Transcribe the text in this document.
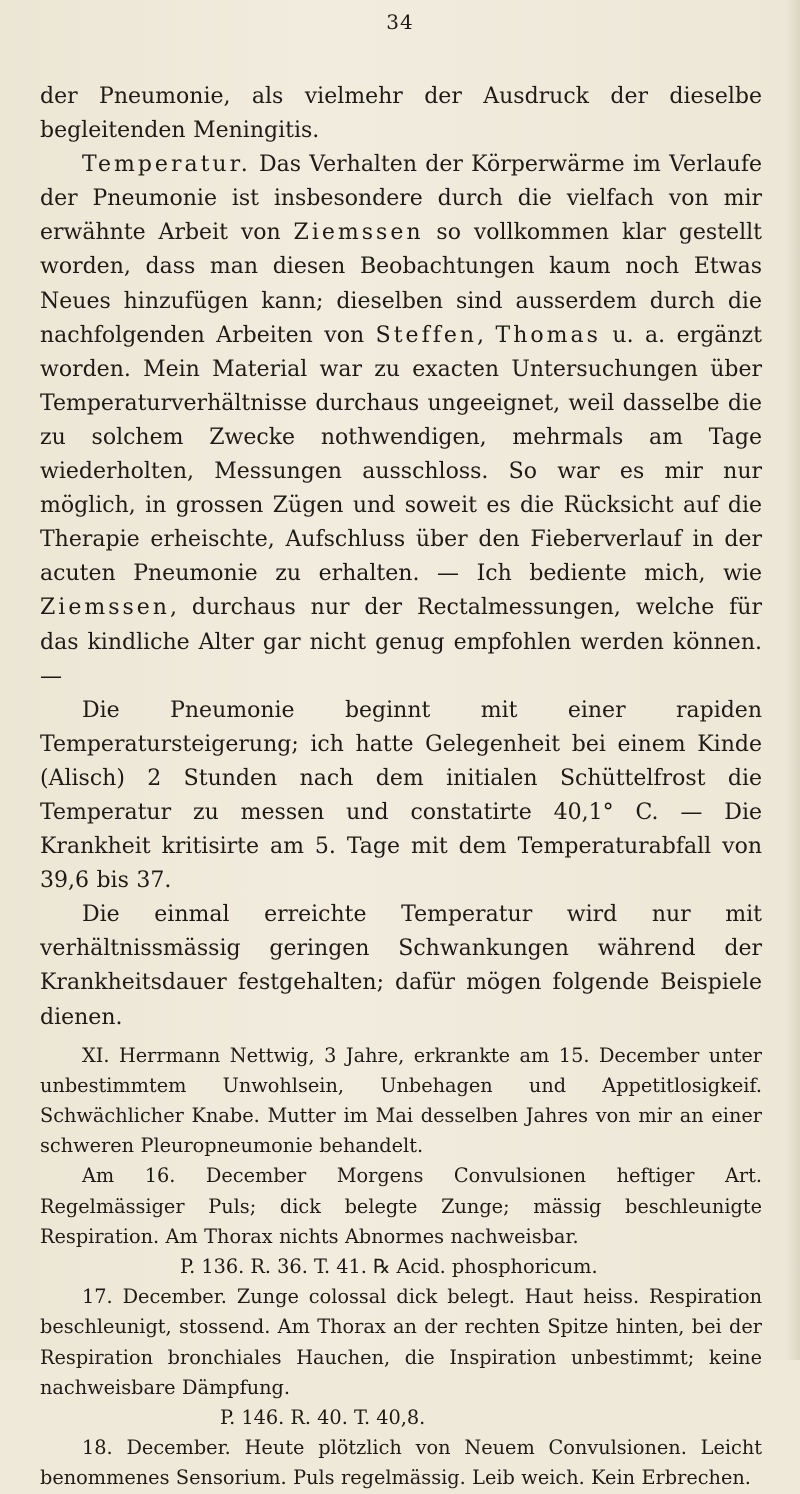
34

der Pneumonie, als vielmehr der Ausdruck der dieselbe begleitenden Meningitis.

Temperatur. Das Verhalten der Körperwärme im Verlaufe der Pneumonie ist insbesondere durch die vielfach von mir erwähnte Arbeit von Ziemssen so vollkommen klar gestellt worden, dass man diesen Beobachtungen kaum noch Etwas Neues hinzufügen kann; dieselben sind ausserdem durch die nachfolgenden Arbeiten von Steffen, Thomas u. a. ergänzt worden. Mein Material war zu exacten Untersuchungen über Temperaturverhältnisse durchaus ungeeignet, weil dasselbe die zu solchem Zwecke nothwendigen, mehrmals am Tage wiederholten, Messungen ausschloss. So war es mir nur möglich, in grossen Zügen und soweit es die Rücksicht auf die Therapie erheischte, Aufschluss über den Fieberverlauf in der acuten Pneumonie zu erhalten. — Ich bediente mich, wie Ziemssen, durchaus nur der Rectalmessungen, welche für das kindliche Alter gar nicht genug empfohlen werden können. —

Die Pneumonie beginnt mit einer rapiden Temperatursteigerung; ich hatte Gelegenheit bei einem Kinde (Alisch) 2 Stunden nach dem initialen Schüttelfrost die Temperatur zu messen und constatirte 40,1° C. — Die Krankheit kritisirte am 5. Tage mit dem Temperaturabfall von 39,6 bis 37.

Die einmal erreichte Temperatur wird nur mit verhältnissmässig geringen Schwankungen während der Krankheitsdauer festgehalten; dafür mögen folgende Beispiele dienen.

XI. Herrmann Nettwig, 3 Jahre, erkrankte am 15. December unter unbestimmtem Unwohlsein, Unbehagen und Appetitlosigkeif. Schwächlicher Knabe. Mutter im Mai desselben Jahres von mir an einer schweren Pleuropneumonie behandelt.

Am 16. December Morgens Convulsionen heftiger Art. Regelmässiger Puls; dick belegte Zunge; mässig beschleunigte Respiration. Am Thorax nichts Abnormes nachweisbar.

P. 136. R. 36. T. 41. ℞ Acid. phosphoricum.

17. December. Zunge colossal dick belegt. Haut heiss. Respiration beschleunigt, stossend. Am Thorax an der rechten Spitze hinten, bei der Respiration bronchiales Hauchen, die Inspiration unbestimmt; keine nachweisbare Dämpfung.

P. 146. R. 40. T. 40,8.

18. December. Heute plötzlich von Neuem Convulsionen. Leicht benommenes Sensorium. Puls regelmässig. Leib weich. Kein Erbrechen.
